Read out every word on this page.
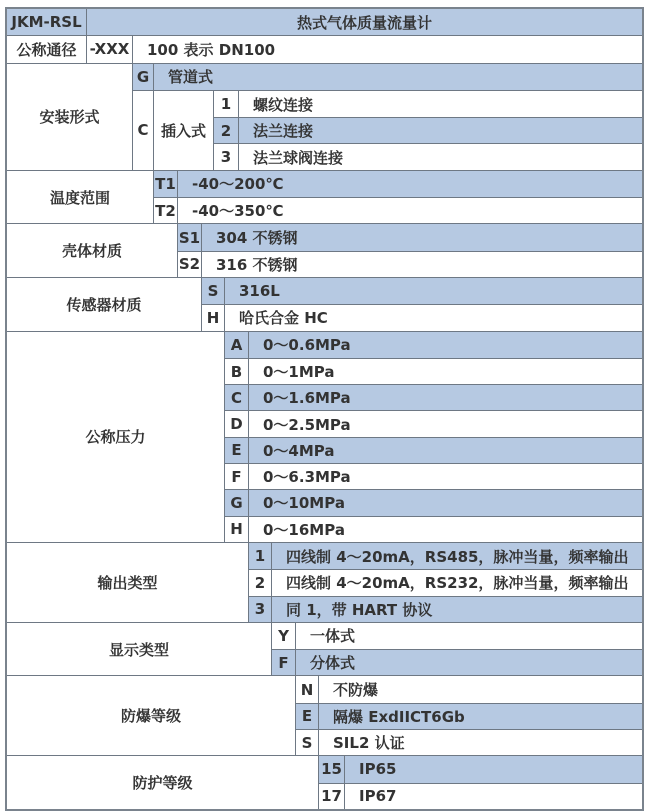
JKM-RSL	热式气体质量流量计
公称通径 -XXX	100 表示 DN100
安装形式
G	管道式
C 插入式
1	螺纹连接
2	法兰连接
3	法兰球阀连接
温度范围
T1	-40～200℃
T2	-40～350℃
壳体材质
S1	304 不锈钢
S2	316 不锈钢
传感器材质
S	316L
H	哈氏合金 HC
公称压力
A	0～0.6MPa
B	0～1MPa
C	0～1.6MPa
D	0～2.5MPa
E	0～4MPa
F	0～6.3MPa
G	0～10MPa
H	0～16MPa
输出类型
1	四线制 4～20mA，RS485，脉冲当量，频率输出
2	四线制 4～20mA，RS232，脉冲当量，频率输出
3	同 1，带 HART 协议
显示类型
Y	一体式
F	分体式
防爆等级
N	不防爆
E	隔爆 ExdIICT6Gb
S	SIL2 认证
防护等级
15	IP65
17	IP67
